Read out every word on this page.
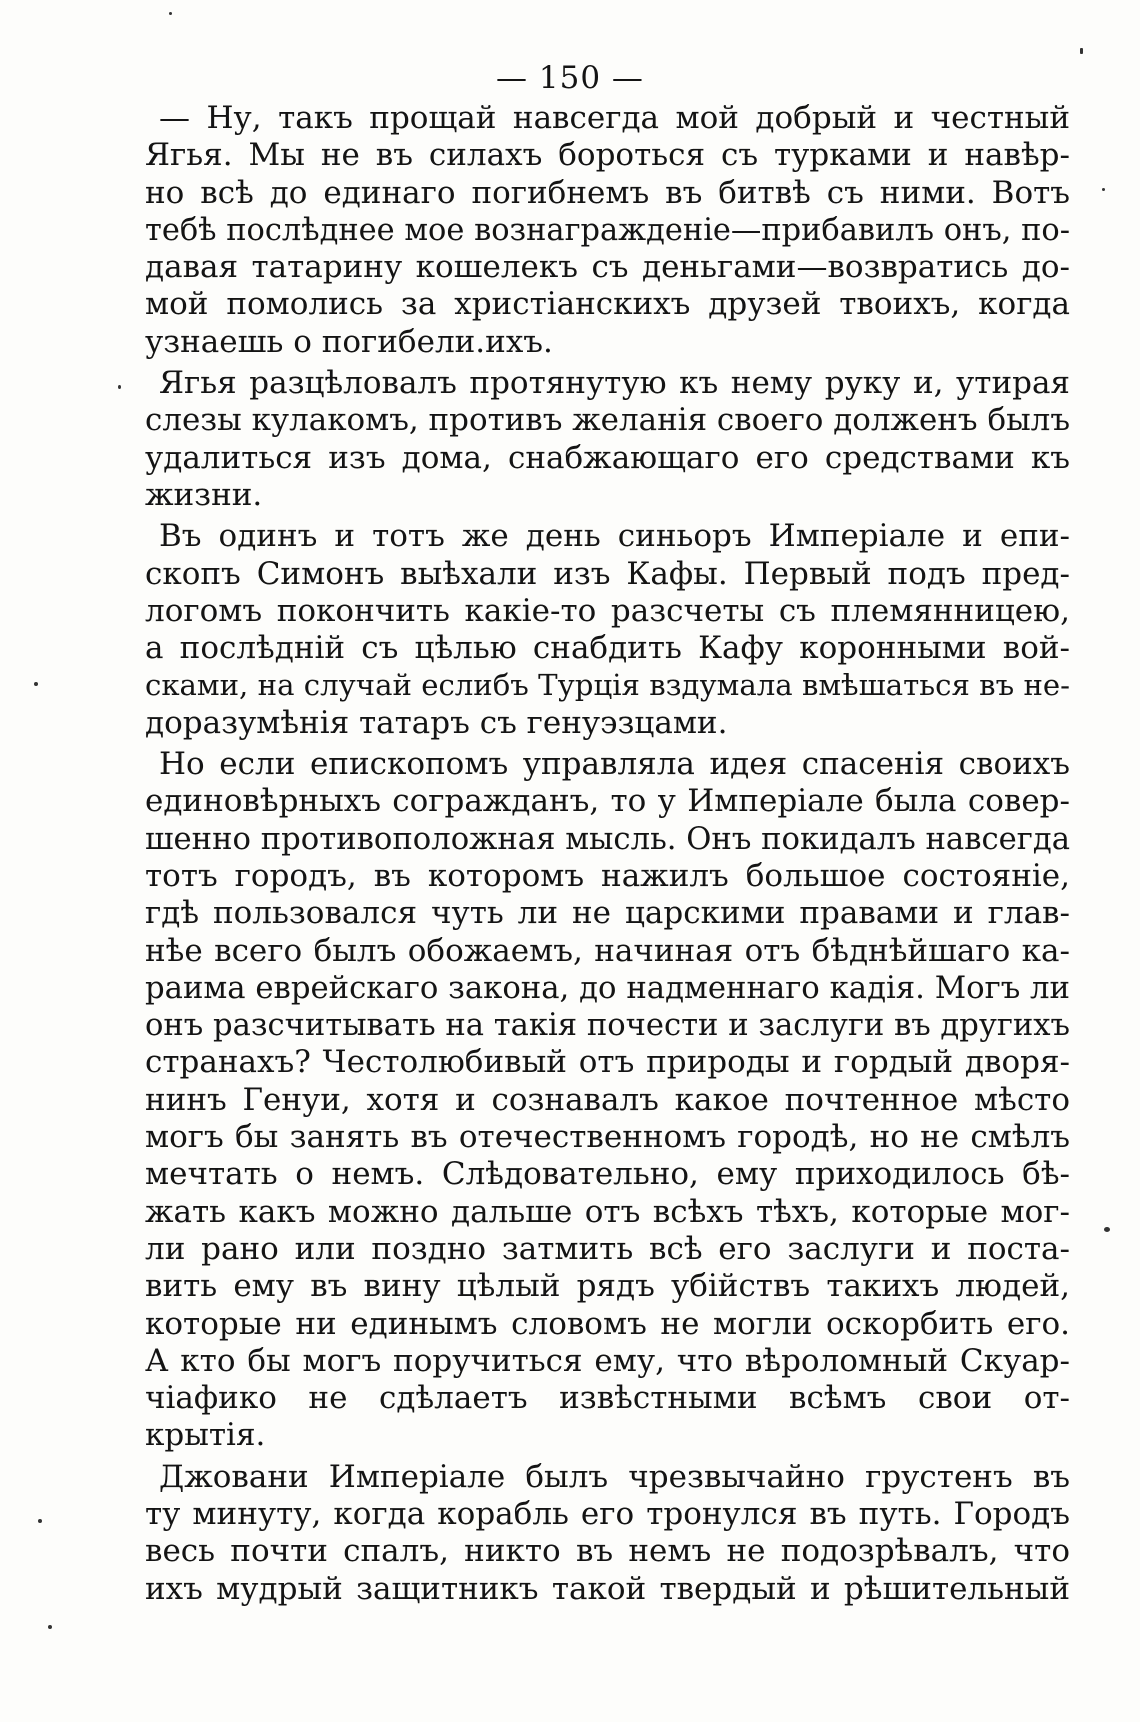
— 150 —
— Ну, такъ прощай навсегда мой добрый и честный
Ягья. Мы не въ силахъ бороться съ турками и навѣр-
но всѣ до единаго погибнемъ въ битвѣ съ ними. Вотъ
тебѣ послѣднее мое вознагражденіе—прибавилъ онъ, по-
давая татарину кошелекъ съ деньгами—возвратись до-
мой помолись за христіанскихъ друзей твоихъ, когда
узнаешь о погибели.ихъ.
Ягья разцѣловалъ протянутую къ нему руку и, утирая
слезы кулакомъ, противъ желанія своего долженъ былъ
удалиться изъ дома, снабжающаго его средствами къ
жизни.
Въ одинъ и тотъ же день синьоръ Имперіале и епи-
скопъ Симонъ выѣхали изъ Кафы. Первый подъ пред-
логомъ покончить какіе-то разсчеты съ племянницею,
а послѣдній съ цѣлью снабдить Кафу коронными вой-
сками, на случай еслибъ Турція вздумала вмѣшаться въ не-
доразумѣнія татаръ съ генуэзцами.
Но если епископомъ управляла идея спасенія своихъ
единовѣрныхъ согражданъ, то у Имперіале была совер-
шенно противоположная мысль. Онъ покидалъ навсегда
тотъ городъ, въ которомъ нажилъ большое состояніе,
гдѣ пользовался чуть ли не царскими правами и глав-
нѣе всего былъ обожаемъ, начиная отъ бѣднѣйшаго ка-
раима еврейскаго закона, до надменнаго кадія. Могъ ли
онъ разсчитывать на такія почести и заслуги въ другихъ
странахъ? Честолюбивый отъ природы и гордый дворя-
нинъ Генуи, хотя и сознавалъ какое почтенное мѣсто
могъ бы занять въ отечественномъ городѣ, но не смѣлъ
мечтать о немъ. Слѣдовательно, ему приходилось бѣ-
жать какъ можно дальше отъ всѣхъ тѣхъ, которые мог-
ли рано или поздно затмить всѣ его заслуги и поста-
вить ему въ вину цѣлый рядъ убійствъ такихъ людей,
которые ни единымъ словомъ не могли оскорбить его.
А кто бы могъ поручиться ему, что вѣроломный Скуар-
чіафико не сдѣлаетъ извѣстными всѣмъ свои от-
крытія.
Джовани Имперіале былъ чрезвычайно грустенъ въ
ту минуту, когда корабль его тронулся въ путь. Городъ
весь почти спалъ, никто въ немъ не подозрѣвалъ, что
ихъ мудрый защитникъ такой твердый и рѣшительный
